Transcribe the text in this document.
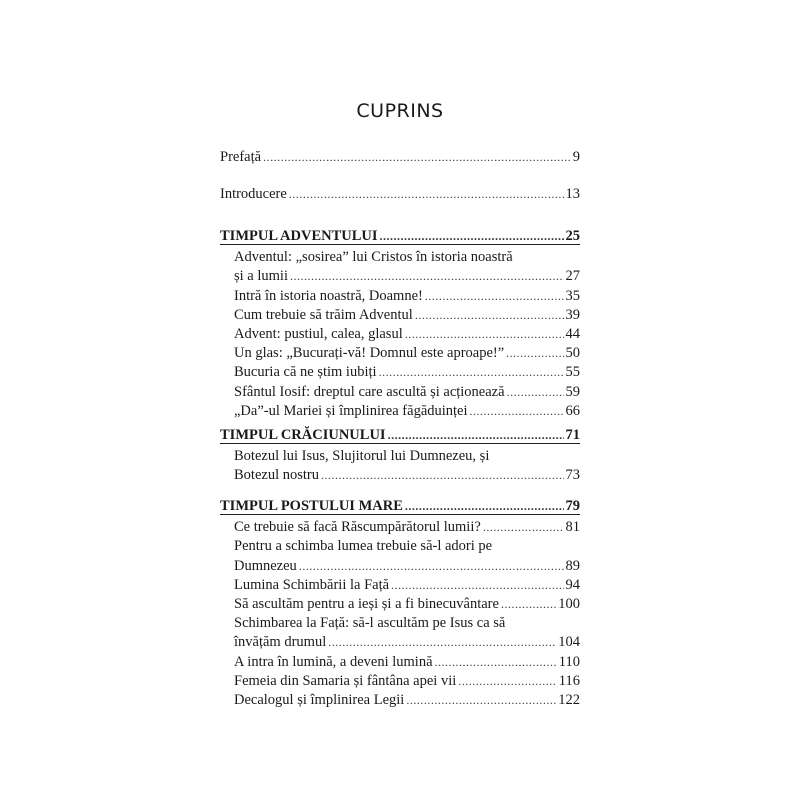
CUPRINS
Prefață .....	9
Introducere .....	13
TIMPUL ADVENTULUI .....	25
Adventul: „sosirea” lui Cristos în istoria noastră
și a lumii .....	27
Intră în istoria noastră, Doamne! .....	35
Cum trebuie să trăim Adventul .....	39
Advent: pustiul, calea, glasul .....	44
Un glas: „Bucurați-vă! Domnul este aproape!” .....	50
Bucuria că ne știm iubiți .....	55
Sfântul Iosif: dreptul care ascultă și acționează .....	59
„Da”-ul Mariei și împlinirea făgăduinței .....	66
TIMPUL CRĂCIUNULUI .....	71
Botezul lui Isus, Slujitorul lui Dumnezeu, și
Botezul nostru .....	73
TIMPUL POSTULUI MARE .....	79
Ce trebuie să facă Răscumpărătorul lumii? .....	81
Pentru a schimba lumea trebuie să-l adori pe
Dumnezeu .....	89
Lumina Schimbării la Față .....	94
Să ascultăm pentru a ieși și a fi binecuvântare .....	100
Schimbarea la Față: să-l ascultăm pe Isus ca să
învățăm drumul .....	104
A intra în lumină, a deveni lumină .....	110
Femeia din Samaria și fântâna apei vii .....	116
Decalogul și împlinirea Legii .....	122
